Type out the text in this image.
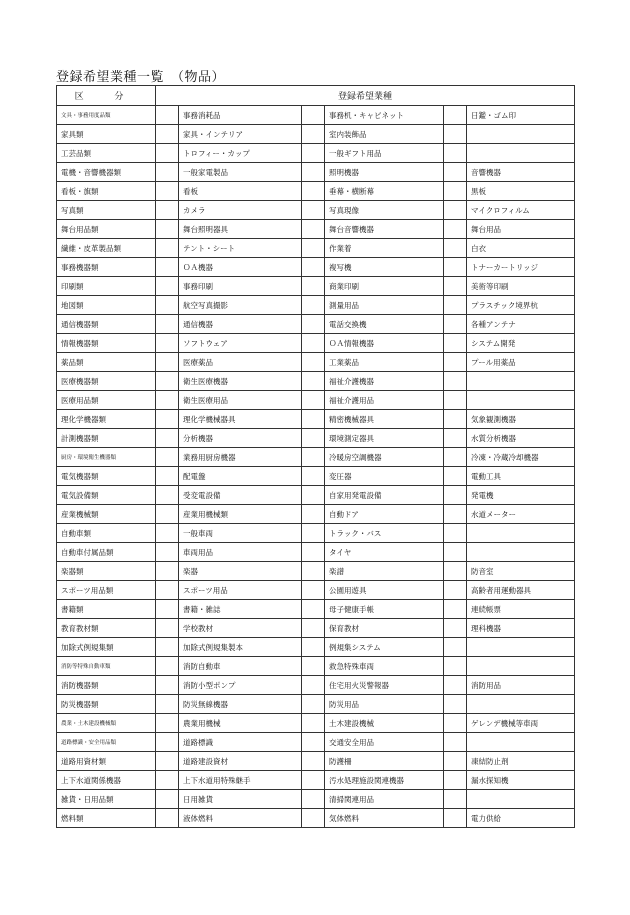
登録希望業種一覧　（物品）
区 分	登録希望業種					
文具・事務用度品類		事務消耗品		事務机・キャビネット		日鑑・ゴム印
家具類		家具・インテリア		室内装飾品		
工芸品類		トロフィー・カップ		一般ギフト用品		
電機・音響機器類		一般家電製品		照明機器		音響機器
看板・旗類		看板		垂幕・横断幕		黒板
写真類		カメラ		写真現像		マイクロフィルム
舞台用品類		舞台照明器具		舞台音響機器		舞台用品
繊維・皮革製品類		テント・シート		作業着		白衣
事務機器類		ＯＡ機器		複写機		トナーカートリッジ
印刷類		事務印刷		商業印刷		美術等印刷
地図類		航空写真撮影		測量用品		プラスチック境界杭
通信機器類		通信機器		電話交換機		各種アンテナ
情報機器類		ソフトウェア		ＯＡ情報機器		システム開発
薬品類		医療薬品		工業薬品		プール用薬品
医療機器類		衛生医療機器		福祉介護機器		
医療用品類		衛生医療用品		福祉介護用品		
理化学機器類		理化学機械器具		精密機械器具		気象観測機器
計測機器類		分析機器		環境測定器具		水質分析機器
厨房・環境衛生機器類		業務用厨房機器		冷暖房空調機器		冷凍・冷蔵冷却機器
電気機器類		配電盤		変圧器		電動工具
電気設備類		受変電設備		自家用発電設備		発電機
産業機械類		産業用機械類		自動ドア		水道メーター
自動車類		一般車両		トラック・バス		
自動車付属品類		車両用品		タイヤ		
楽器類		楽器		楽譜		防音室
スポーツ用品類		スポーツ用品		公園用遊具		高齢者用運動器具
書籍類		書籍・雑誌		母子健康手帳		連続帳票
教育教材類		学校教材		保育教材		理科機器
加除式例規集類		加除式例規集製本		例規集システム		
消防等特殊自動車類		消防自動車		救急特殊車両		
消防機器類		消防小型ポンプ		住宅用火災警報器		消防用品
防災機器類		防災無線機器		防災用品		
農業・土木建設機械類		農業用機械		土木建設機械		ゲレンデ機械等車両
道路標識・安全用品類		道路標識		交通安全用品		
道路用資材類		道路建設資材		防護柵		凍結防止剤
上下水道関係機器		上下水道用特殊継手		汚水処理施設関連機器		漏水探知機
雑貨・日用品類		日用雑貨		清掃関連用品		
燃料類		液体燃料		気体燃料		電力供給
